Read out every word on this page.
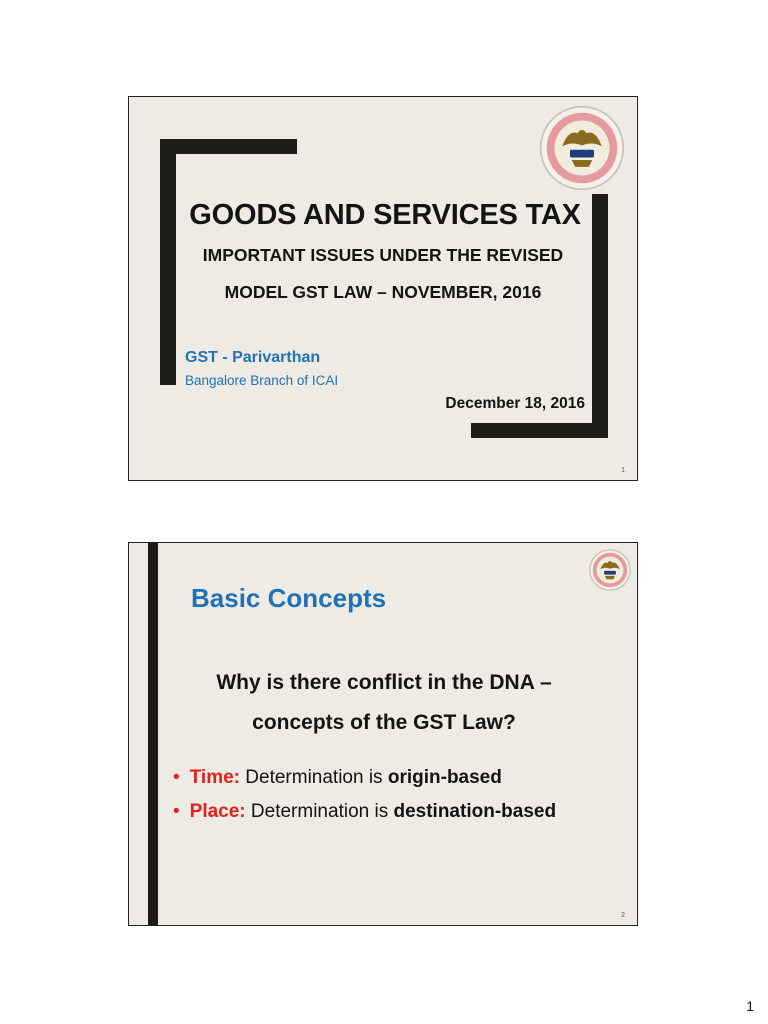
GOODS AND SERVICES TAX
IMPORTANT ISSUES UNDER THE REVISED
MODEL GST LAW – NOVEMBER, 2016
GST - Parivarthan
Bangalore Branch of ICAI
December 18, 2016
1
Basic Concepts
Why is there conflict in the DNA –
concepts of the GST Law?
• Time: Determination is origin-based
• Place: Determination is destination-based
2
1
